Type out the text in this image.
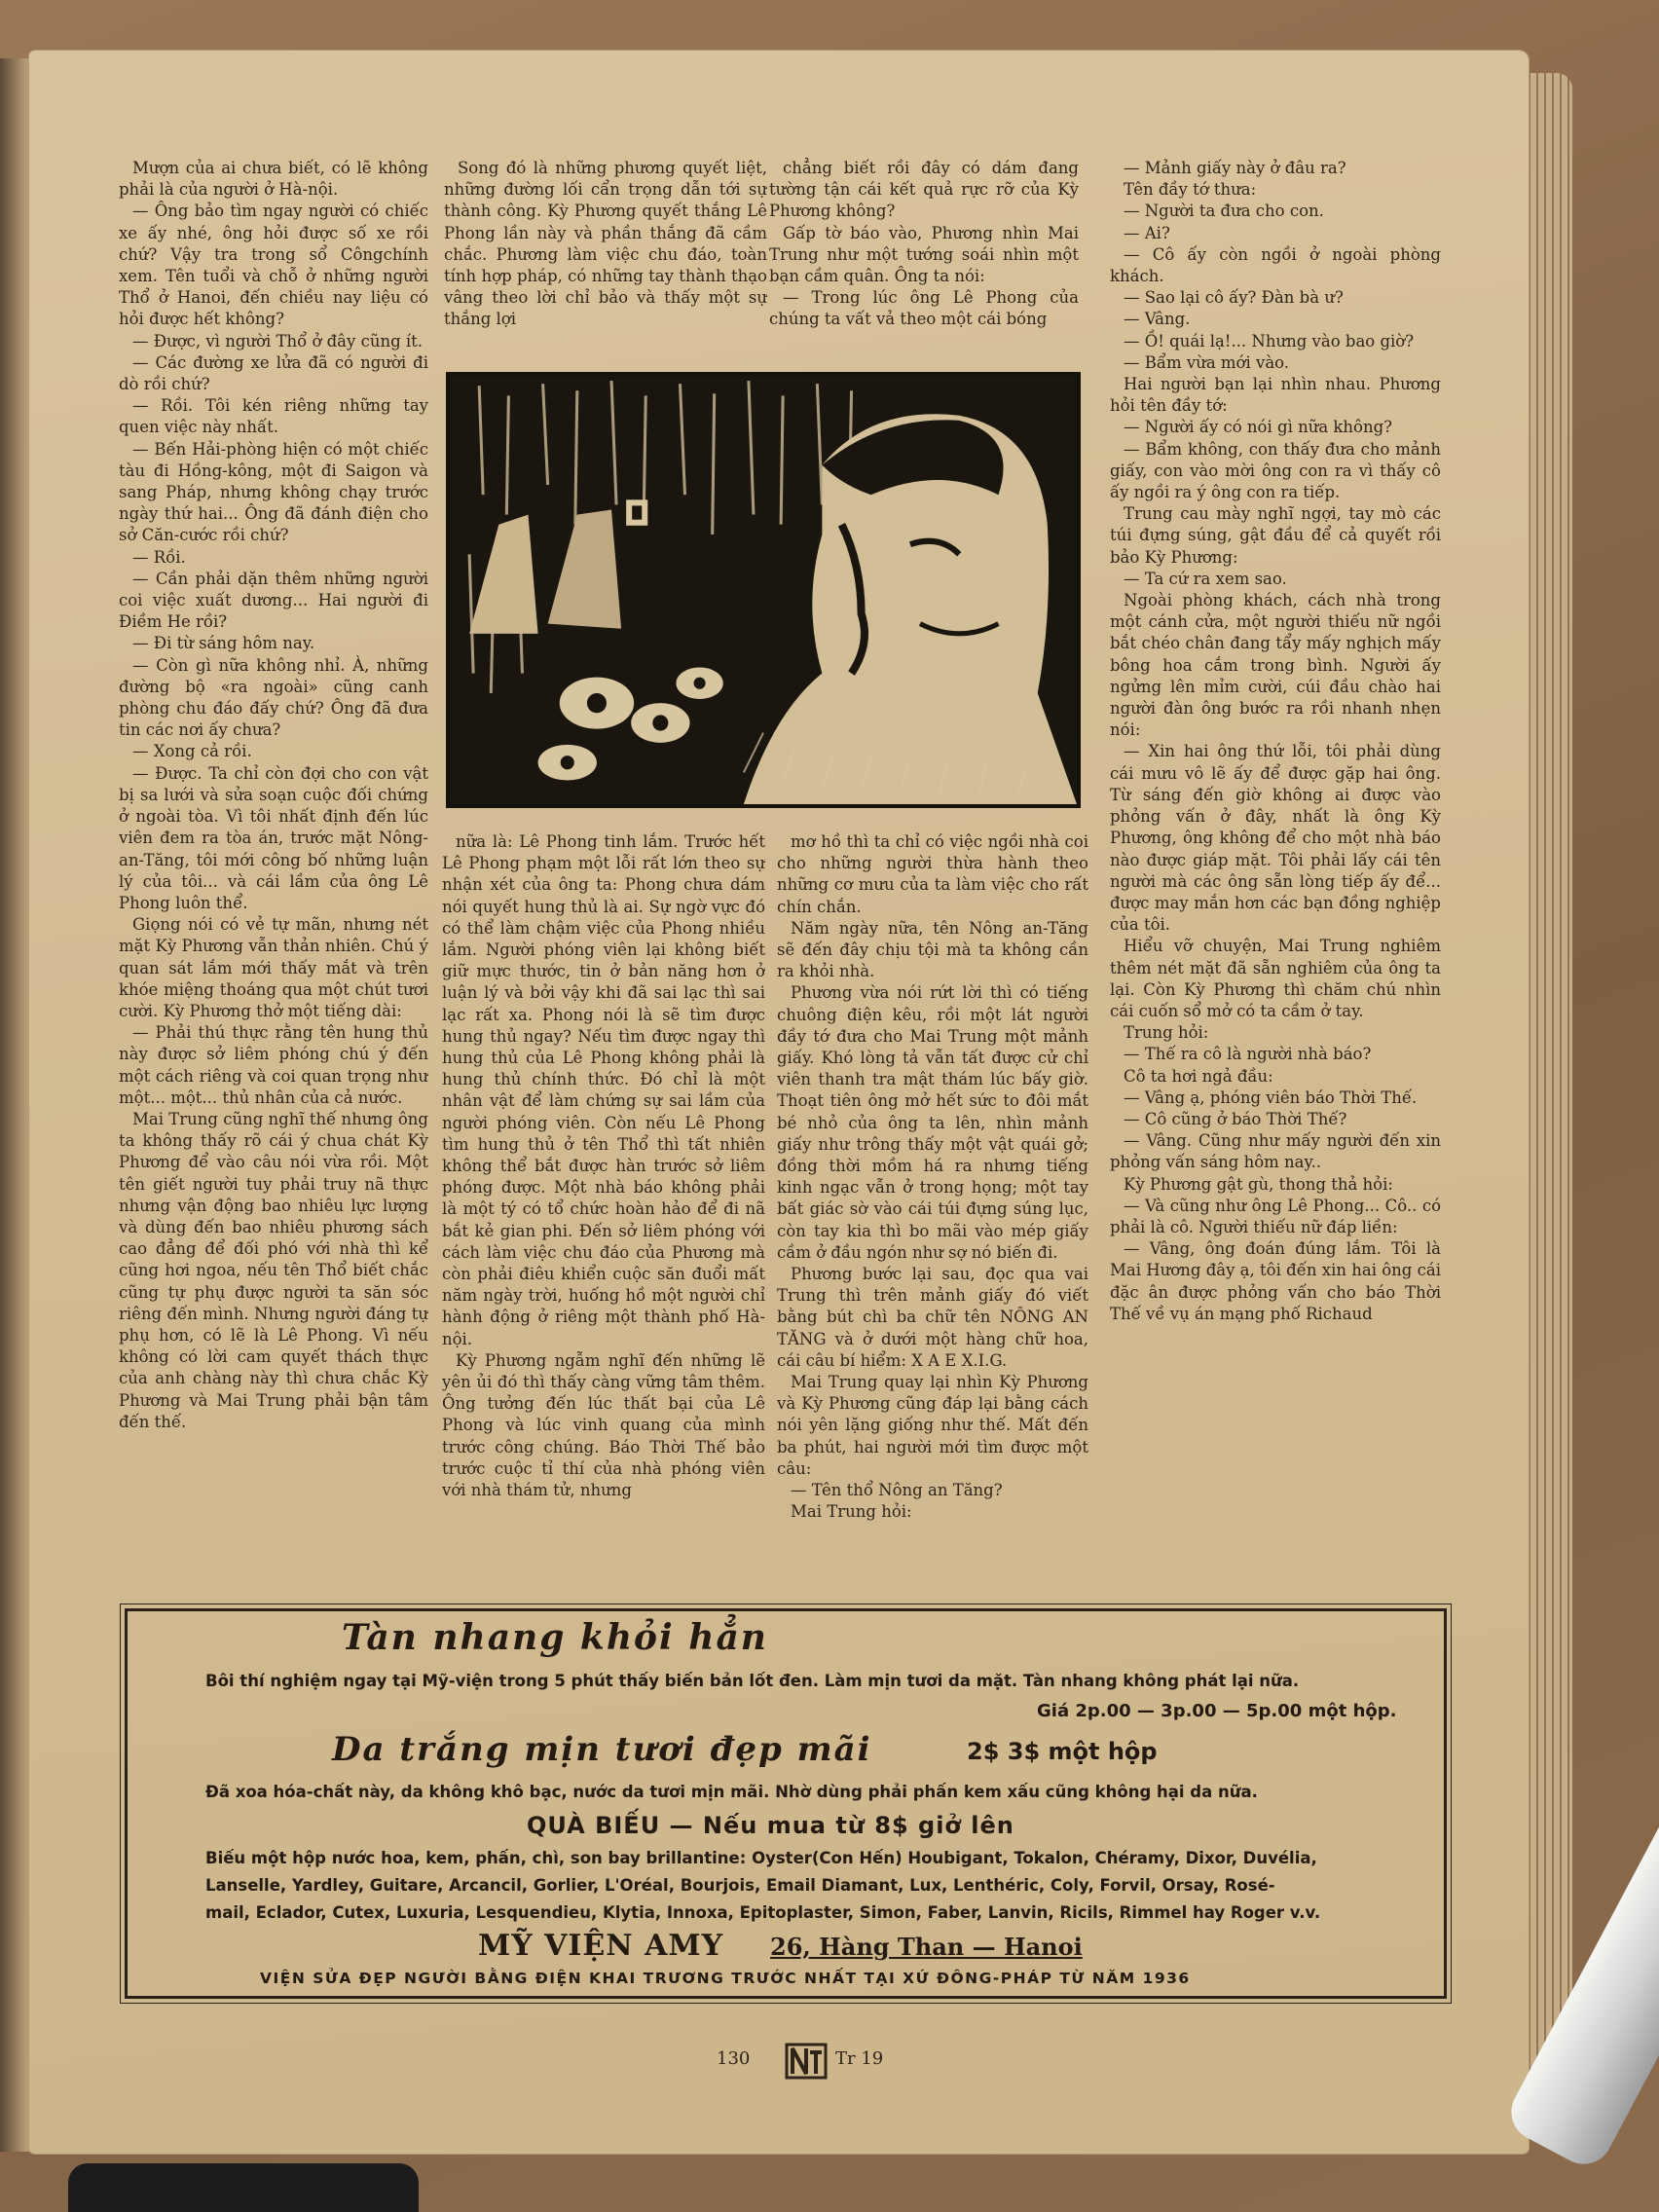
Mượn của ai chưa biết, có lẽ không phải là của người ở Hà-nội.

— Ông bảo tìm ngay người có chiếc xe ấy nhé, ông hỏi được số xe rồi chứ? Vậy tra trong sổ Côngchính xem. Tên tuổi và chỗ ở những người Thổ ở Hanoi, đến chiều nay liệu có hỏi được hết không?

— Được, vì người Thổ ở đây cũng ít.

— Các đường xe lửa đã có người đi dò rồi chứ?

— Rồi. Tôi kén riêng những tay quen việc này nhất.

— Bến Hải-phòng hiện có một chiếc tàu đi Hồng-kông, một đi Saigon và sang Pháp, nhưng không chạy trước ngày thứ hai... Ông đã đánh điện cho sở Căn-cước rồi chứ?

— Rồi.

— Cần phải dặn thêm những người coi việc xuất dương... Hai người đi Điềm He rồi?

— Đi từ sáng hôm nay.

— Còn gì nữa không nhỉ. À, những đường bộ «ra ngoài» cũng canh phòng chu đáo đấy chứ? Ông đã đưa tin các nơi ấy chưa?

— Xong cả rồi.

— Được. Ta chỉ còn đợi cho con vật bị sa lưới và sửa soạn cuộc đối chứng ở ngoài tòa. Vì tôi nhất định đến lúc viên đem ra tòa án, trước mặt Nông-an-Tăng, tôi mới công bố những luận lý của tôi... và cái lầm của ông Lê Phong luôn thể.

Giọng nói có vẻ tự mãn, nhưng nét mặt Kỳ Phương vẫn thản nhiên. Chú ý quan sát lắm mới thấy mắt và trên khóe miệng thoáng qua một chút tươi cười. Kỳ Phương thở một tiếng dài:

— Phải thú thực rằng tên hung thủ này được sở liêm phóng chú ý đến một cách riêng và coi quan trọng như một... một... thủ nhân của cả nước.

Mai Trung cũng nghĩ thế nhưng ông ta không thấy rõ cái ý chua chát Kỳ Phương để vào câu nói vừa rồi. Một tên giết người tuy phải truy nã thực nhưng vận động bao nhiêu lực lượng và dùng đến bao nhiêu phương sách cao đẳng để đối phó với nhà thì kể cũng hơi ngoa, nếu tên Thổ biết chắc cũng tự phụ được người ta săn sóc riêng đến mình. Nhưng người đáng tự phụ hơn, có lẽ là Lê Phong. Vì nếu không có lời cam quyết thách thực của anh chàng này thì chưa chắc Kỳ Phương và Mai Trung phải bận tâm đến thế.

Song đó là những phương quyết liệt, những đường lối cẩn trọng dẫn tới sự thành công. Kỳ Phương quyết thắng Lê Phong lần này và phần thắng đã cầm chắc. Phương làm việc chu đáo, toàn tính hợp pháp, có những tay thành thạo vâng theo lời chỉ bảo và thấy một sự thắng lợi

chẳng biết rồi đây có dám đang tường tận cái kết quả rực rỡ của Kỳ Phương không?

Gấp tờ báo vào, Phương nhìn Mai Trung như một tướng soái nhìn một bạn cầm quân. Ông ta nói:

— Trong lúc ông Lê Phong của chúng ta vất vả theo một cái bóng

— Mảnh giấy này ở đâu ra?

Tên đầy tớ thưa:

— Người ta đưa cho con.

— Ai?

— Cô ấy còn ngồi ở ngoài phòng khách.

— Sao lại cô ấy? Đàn bà ư?

— Vâng.

— Ồ! quái lạ!... Nhưng vào bao giờ?

— Bẩm vừa mới vào.

Hai người bạn lại nhìn nhau. Phương hỏi tên đầy tớ:

— Người ấy có nói gì nữa không?

— Bẩm không, con thấy đưa cho mảnh giấy, con vào mời ông con ra vì thấy cô ấy ngồi ra ý ông con ra tiếp.

Trung cau mày nghĩ ngợi, tay mò các túi đựng súng, gật đầu để cả quyết rồi bảo Kỳ Phương:

— Ta cứ ra xem sao.

Ngoài phòng khách, cách nhà trong một cánh cửa, một người thiếu nữ ngồi bắt chéo chân đang tẩy mấy nghịch mấy bông hoa cắm trong bình. Người ấy ngửng lên mỉm cười, cúi đầu chào hai người đàn ông bước ra rồi nhanh nhẹn nói:

— Xin hai ông thứ lỗi, tôi phải dùng cái mưu vô lẽ ấy để được gặp hai ông. Từ sáng đến giờ không ai được vào phỏng vấn ở đây, nhất là ông Kỳ Phương, ông không để cho một nhà báo nào được giáp mặt. Tôi phải lấy cái tên người mà các ông sẵn lòng tiếp ấy để... được may mắn hơn các bạn đồng nghiệp của tôi.

Hiểu vỡ chuyện, Mai Trung nghiêm thêm nét mặt đã sẵn nghiêm của ông ta lại. Còn Kỳ Phương thì chăm chú nhìn cái cuốn sổ mở có ta cầm ở tay.

Trung hỏi:

— Thế ra cô là người nhà báo?

Cô ta hơi ngả đầu:

— Vâng ạ, phóng viên báo Thời Thế.

— Cô cũng ở báo Thời Thế?

— Vâng. Cũng như mấy người đến xin phỏng vấn sáng hôm nay..

Kỳ Phương gật gù, thong thả hỏi:

— Và cũng như ông Lê Phong... Cô.. có phải là cô. Người thiếu nữ đáp liền:

— Vâng, ông đoán đúng lắm. Tôi là Mai Hương đây ạ, tôi đến xin hai ông cái đặc ân được phỏng vấn cho báo Thời Thế về vụ án mạng phố Richaud

nữa là: Lê Phong tinh lắm. Trước hết Lê Phong phạm một lỗi rất lớn theo sự nhận xét của ông ta: Phong chưa dám nói quyết hung thủ là ai. Sự ngờ vực đó có thể làm chậm việc của Phong nhiều lắm. Người phóng viên lại không biết giữ mực thước, tin ở bản năng hơn ở luận lý và bởi vậy khi đã sai lạc thì sai lạc rất xa. Phong nói là sẽ tìm được hung thủ ngay? Nếu tìm được ngay thì hung thủ của Lê Phong không phải là hung thủ chính thức. Đó chỉ là một nhân vật để làm chứng sự sai lầm của người phóng viên. Còn nếu Lê Phong tìm hung thủ ở tên Thổ thì tất nhiên không thể bắt được hàn trước sở liêm phóng được. Một nhà báo không phải là một tý có tổ chức hoàn hảo để đi nã bắt kẻ gian phi. Đến sở liêm phóng với cách làm việc chu đáo của Phương mà còn phải điêu khiển cuộc săn đuổi mất năm ngày trời, huống hồ một người chỉ hành động ở riêng một thành phố Hà-nội.

Kỳ Phương ngẫm nghĩ đến những lẽ yên ủi đó thì thấy càng vững tâm thêm. Ông tưởng đến lúc thất bại của Lê Phong và lúc vinh quang của mình trước công chúng. Báo Thời Thế bảo trước cuộc tỉ thí của nhà phóng viên với nhà thám tử, nhưng

mơ hồ thì ta chỉ có việc ngồi nhà coi cho những người thừa hành theo những cơ mưu của ta làm việc cho rất chín chắn.

Năm ngày nữa, tên Nông an-Tăng sẽ đến đây chịu tội mà ta không cần ra khỏi nhà.

Phương vừa nói rứt lời thì có tiếng chuông điện kêu, rồi một lát người đầy tớ đưa cho Mai Trung một mảnh giấy. Khó lòng tả vẫn tất được cử chỉ viên thanh tra mật thám lúc bấy giờ. Thoạt tiên ông mở hết sức to đôi mắt bé nhỏ của ông ta lên, nhìn mảnh giấy như trông thấy một vật quái gở; đồng thời mồm há ra nhưng tiếng kinh ngạc vẫn ở trong họng; một tay bất giác sờ vào cái túi đựng súng lục, còn tay kia thì bo mãi vào mép giấy cầm ở đầu ngón như sợ nó biến đi.

Phương bước lại sau, đọc qua vai Trung thì trên mảnh giấy đó viết bằng bút chì ba chữ tên NÔNG AN TĂNG và ở dưới một hàng chữ hoa, cái câu bí hiểm: X A E X.I.G.

Mai Trung quay lại nhìn Kỳ Phương và Kỳ Phương cũng đáp lại bằng cách nói yên lặng giống như thế. Mất đến ba phút, hai người mới tìm được một câu:

— Tên thổ Nông an Tăng?

Mai Trung hỏi:

Tàn nhang khỏi hẳn

Bôi thí nghiệm ngay tại Mỹ-viện trong 5 phút thấy biến bản lốt đen. Làm mịn tươi da mặt. Tàn nhang không phát lại nữa.

Giá 2p.00 — 3p.00 — 5p.00 một hộp.

Da trắng mịn tươi đẹp mãi	2$ 3$ một hộp

Đã xoa hóa-chất này, da không khô bạc, nước da tươi mịn mãi. Nhờ dùng phải phấn kem xấu cũng không hại da nữa.

QUÀ BIẾU — Nếu mua từ 8$ giở lên

Biếu một hộp nước hoa, kem, phấn, chì, son bay brillantine: Oyster(Con Hến) Houbigant, Tokalon, Chéramy, Dixor, Duvélia,

Lanselle, Yardley, Guitare, Arcancil, Gorlier, L'Oréal, Bourjois, Email Diamant, Lux, Lenthéric, Coly, Forvil, Orsay, Rosé-

mail, Eclador, Cutex, Luxuria, Lesquendieu, Klytia, Innoxa, Epitoplaster, Simon, Faber, Lanvin, Ricils, Rimmel hay Roger v.v.

MỸ VIỆN AMY 26, Hàng Than — Hanoi

VIỆN SỬA ĐẸP NGƯỜI BẰNG ĐIỆN KHAI TRƯƠNG TRƯỚC NHẤT TẠI XỨ ĐÔNG-PHÁP TỪ NĂM 1936

130	Tr 19
